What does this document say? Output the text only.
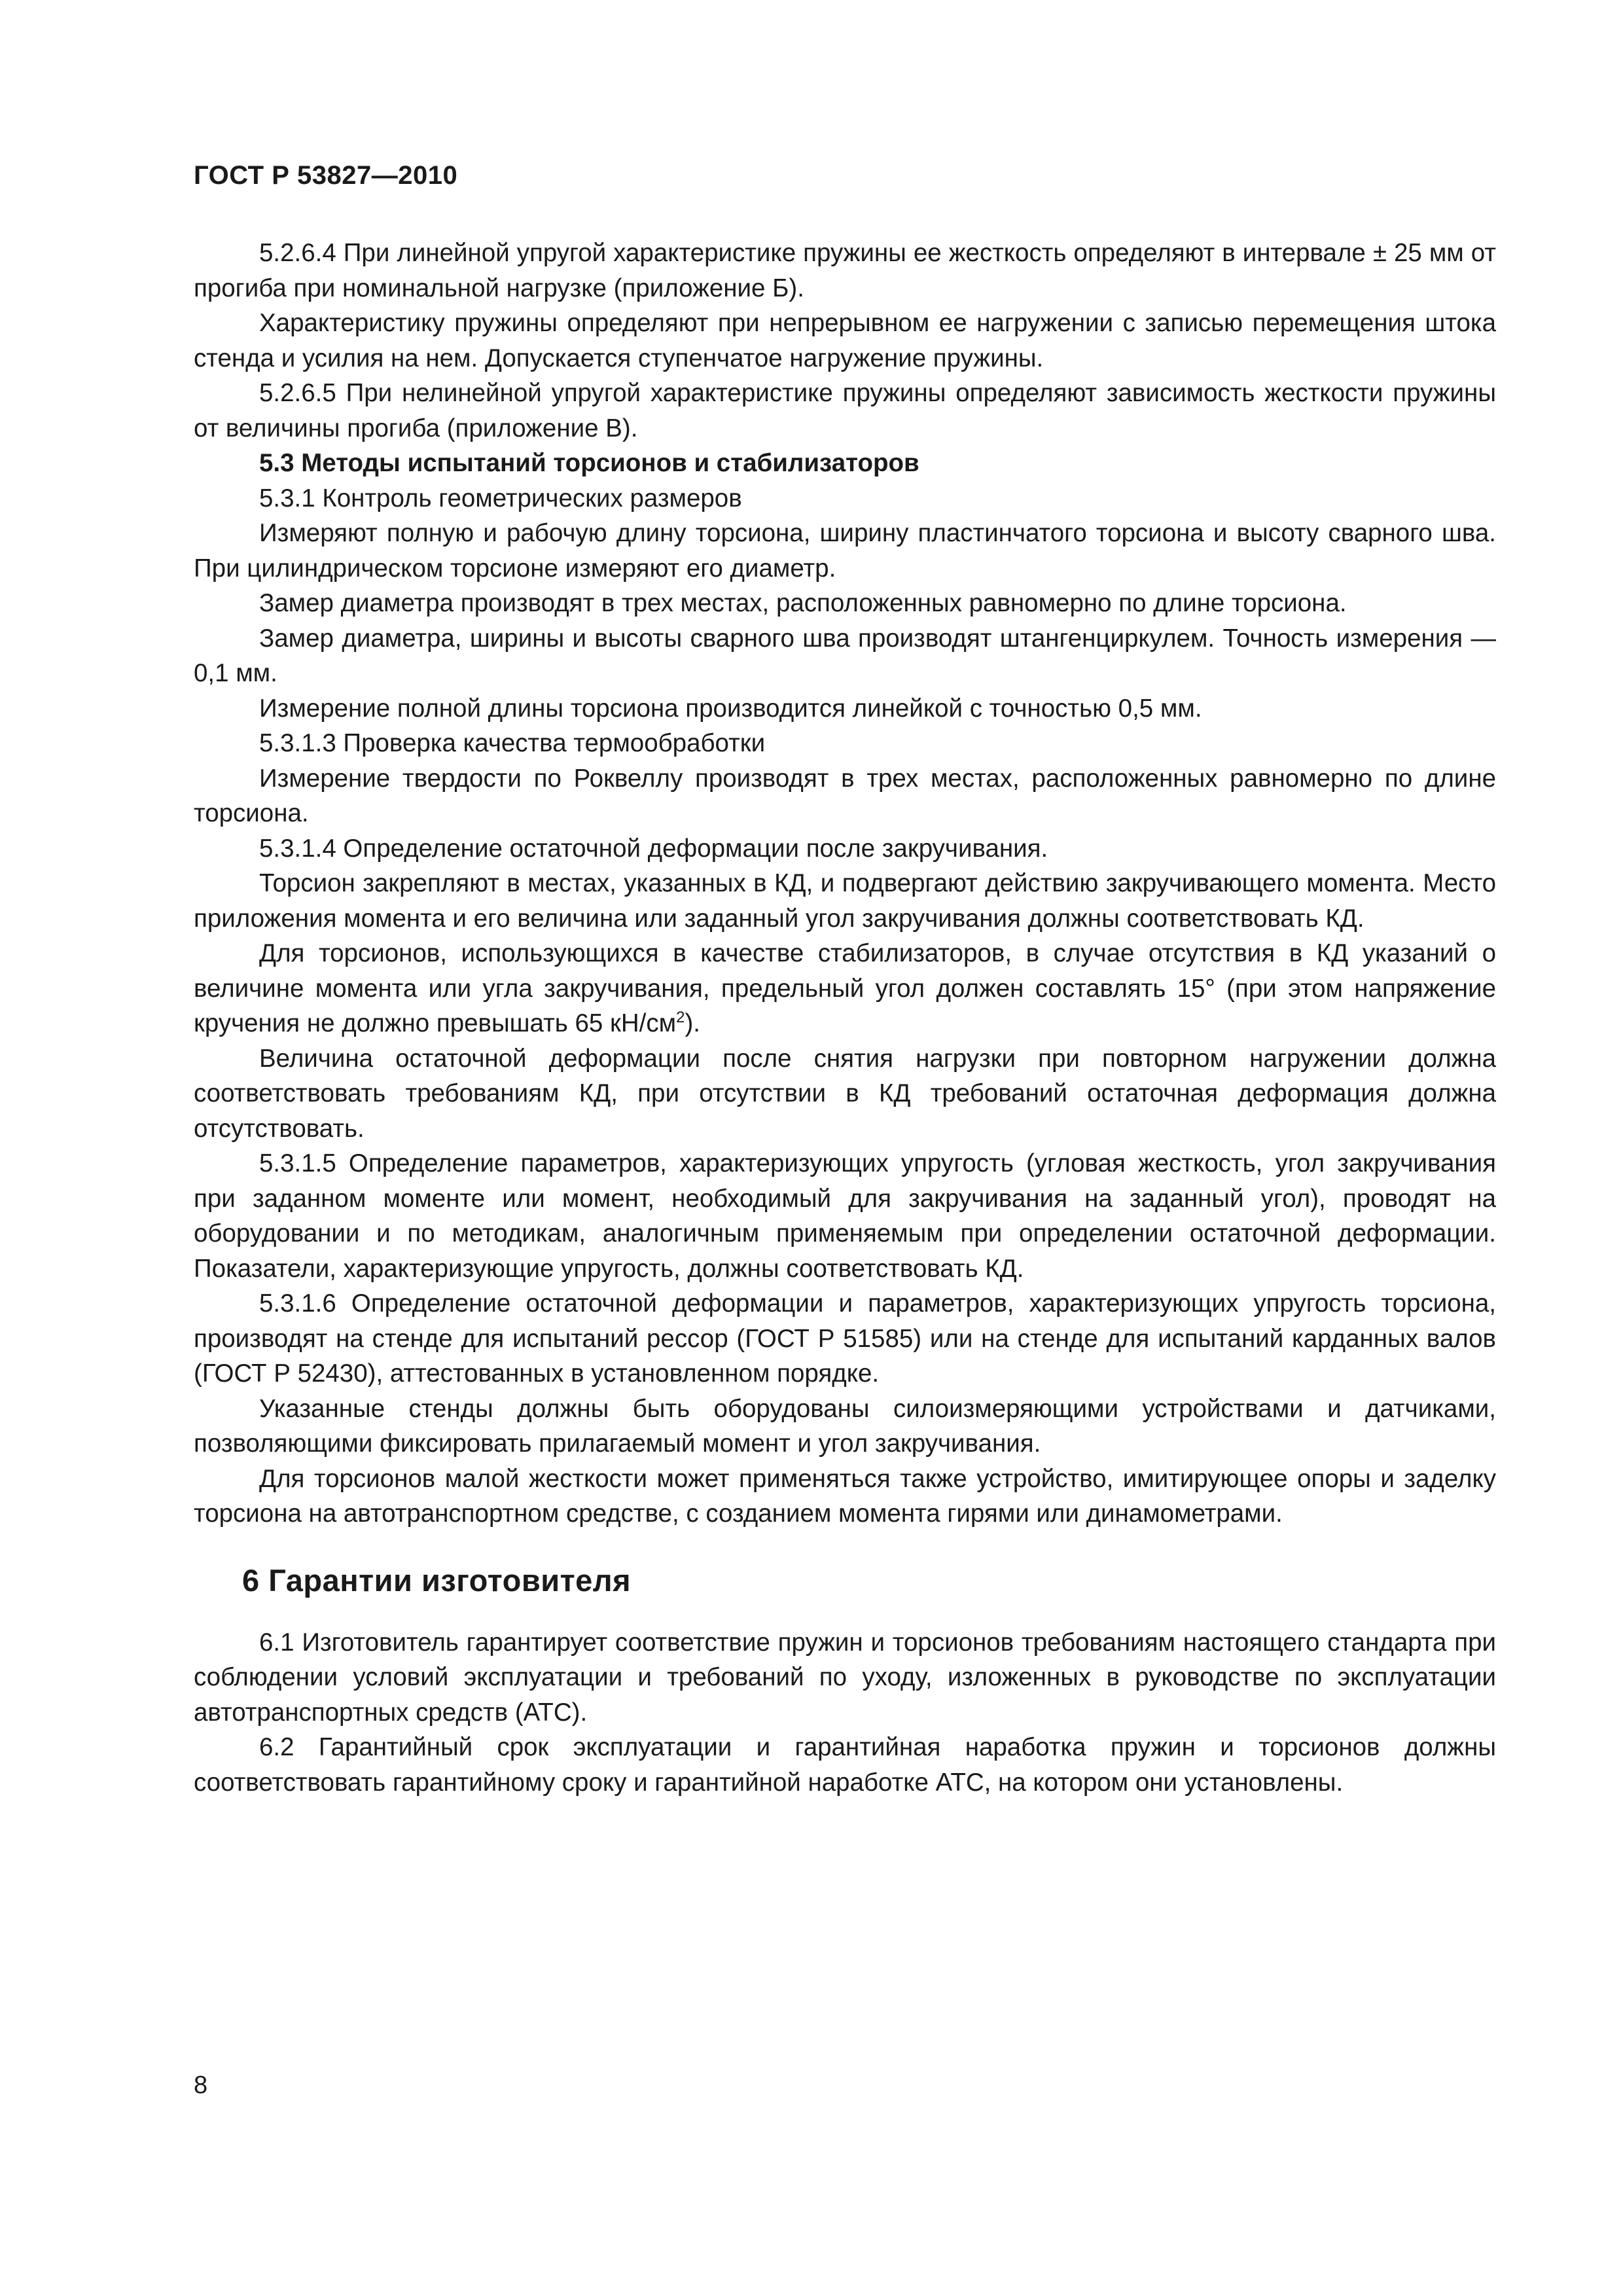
ГОСТ Р 53827—2010

5.2.6.4 При линейной упругой характеристике пружины ее жесткость определяют в интервале ± 25 мм от прогиба при номинальной нагрузке (приложение Б).

Характеристику пружины определяют при непрерывном ее нагружении с записью перемещения штока стенда и усилия на нем. Допускается ступенчатое нагружение пружины.

5.2.6.5 При нелинейной упругой характеристике пружины определяют зависимость жесткости пружины от величины прогиба (приложение В).

5.3 Методы испытаний торсионов и стабилизаторов

5.3.1 Контроль геометрических размеров

Измеряют полную и рабочую длину торсиона, ширину пластинчатого торсиона и высоту сварного шва. При цилиндрическом торсионе измеряют его диаметр.

Замер диаметра производят в трех местах, расположенных равномерно по длине торсиона.

Замер диаметра, ширины и высоты сварного шва производят штангенциркулем. Точность измерения — 0,1 мм.

Измерение полной длины торсиона производится линейкой с точностью 0,5 мм.

5.3.1.3 Проверка качества термообработки

Измерение твердости по Роквеллу производят в трех местах, расположенных равномерно по длине торсиона.

5.3.1.4 Определение остаточной деформации после закручивания.

Торсион закрепляют в местах, указанных в КД, и подвергают действию закручивающего момента. Место приложения момента и его величина или заданный угол закручивания должны соответствовать КД.

Для торсионов, использующихся в качестве стабилизаторов, в случае отсутствия в КД указаний о величине момента или угла закручивания, предельный угол должен составлять 15° (при этом напряжение кручения не должно превышать 65 $кН/см^2$).

Величина остаточной деформации после снятия нагрузки при повторном нагружении должна соответствовать требованиям КД, при отсутствии в КД требований остаточная деформация должна отсутствовать.

5.3.1.5 Определение параметров, характеризующих упругость (угловая жесткость, угол закручивания при заданном моменте или момент, необходимый для закручивания на заданный угол), проводят на оборудовании и по методикам, аналогичным применяемым при определении остаточной деформации. Показатели, характеризующие упругость, должны соответствовать КД.

5.3.1.6 Определение остаточной деформации и параметров, характеризующих упругость торсиона, производят на стенде для испытаний рессор (ГОСТ Р 51585) или на стенде для испытаний карданных валов (ГОСТ Р 52430), аттестованных в установленном порядке.

Указанные стенды должны быть оборудованы силоизмеряющими устройствами и датчиками, позволяющими фиксировать прилагаемый момент и угол закручивания.

Для торсионов малой жесткости может применяться также устройство, имитирующее опоры и заделку торсиона на автотранспортном средстве, с созданием момента гирями или динамометрами.

6 Гарантии изготовителя

6.1 Изготовитель гарантирует соответствие пружин и торсионов требованиям настоящего стандарта при соблюдении условий эксплуатации и требований по уходу, изложенных в руководстве по эксплуатации автотранспортных средств (АТС).

6.2 Гарантийный срок эксплуатации и гарантийная наработка пружин и торсионов должны соответствовать гарантийному сроку и гарантийной наработке АТС, на котором они установлены.

8
